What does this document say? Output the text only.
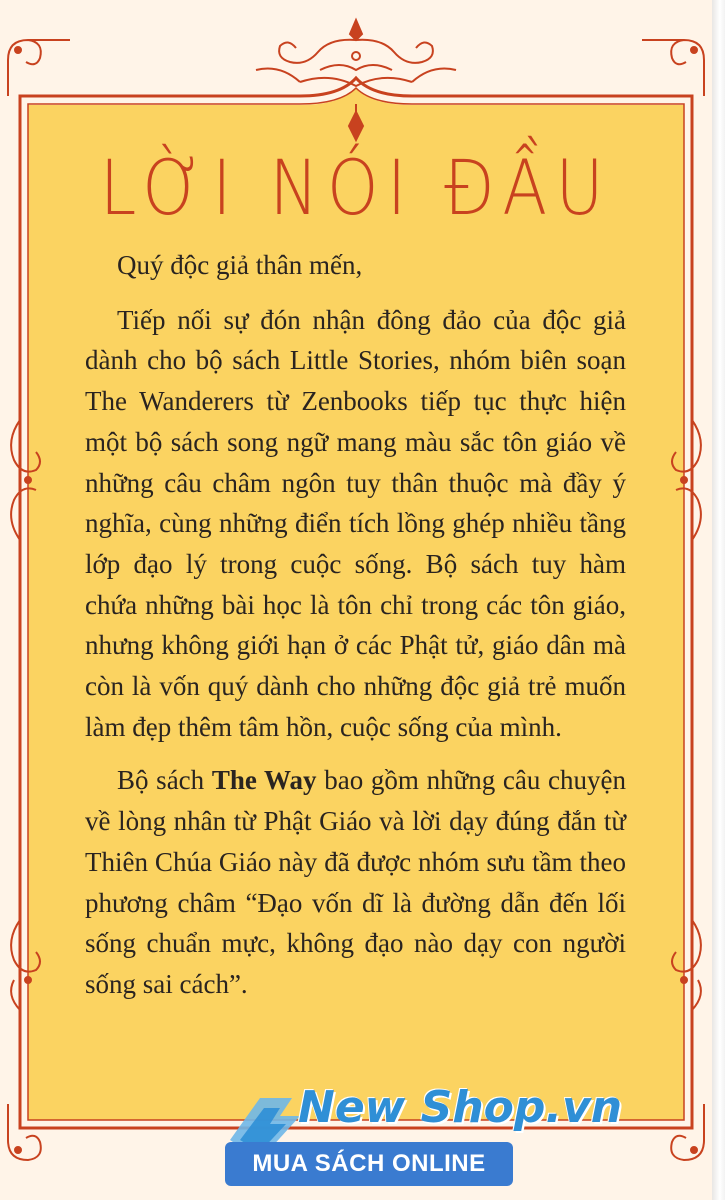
LỜI NÓI ĐẦU

Quý độc giả thân mến,

Tiếp nối sự đón nhận đông đảo của độc giả dành cho bộ sách Little Stories, nhóm biên soạn The Wanderers từ Zenbooks tiếp tục thực hiện một bộ sách song ngữ mang màu sắc tôn giáo về những câu châm ngôn tuy thân thuộc mà đầy ý nghĩa, cùng những điển tích lồng ghép nhiều tầng lớp đạo lý trong cuộc sống. Bộ sách tuy hàm chứa những bài học là tôn chỉ trong các tôn giáo, nhưng không giới hạn ở các Phật tử, giáo dân mà còn là vốn quý dành cho những độc giả trẻ muốn làm đẹp thêm tâm hồn, cuộc sống của mình.

Bộ sách The Way bao gồm những câu chuyện về lòng nhân từ Phật Giáo và lời dạy đúng đắn từ Thiên Chúa Giáo này đã được nhóm sưu tầm theo phương châm “Đạo vốn dĩ là đường dẫn đến lối sống chuẩn mực, không đạo nào dạy con người sống sai cách”.

New Shop.vn
MUA SÁCH ONLINE
